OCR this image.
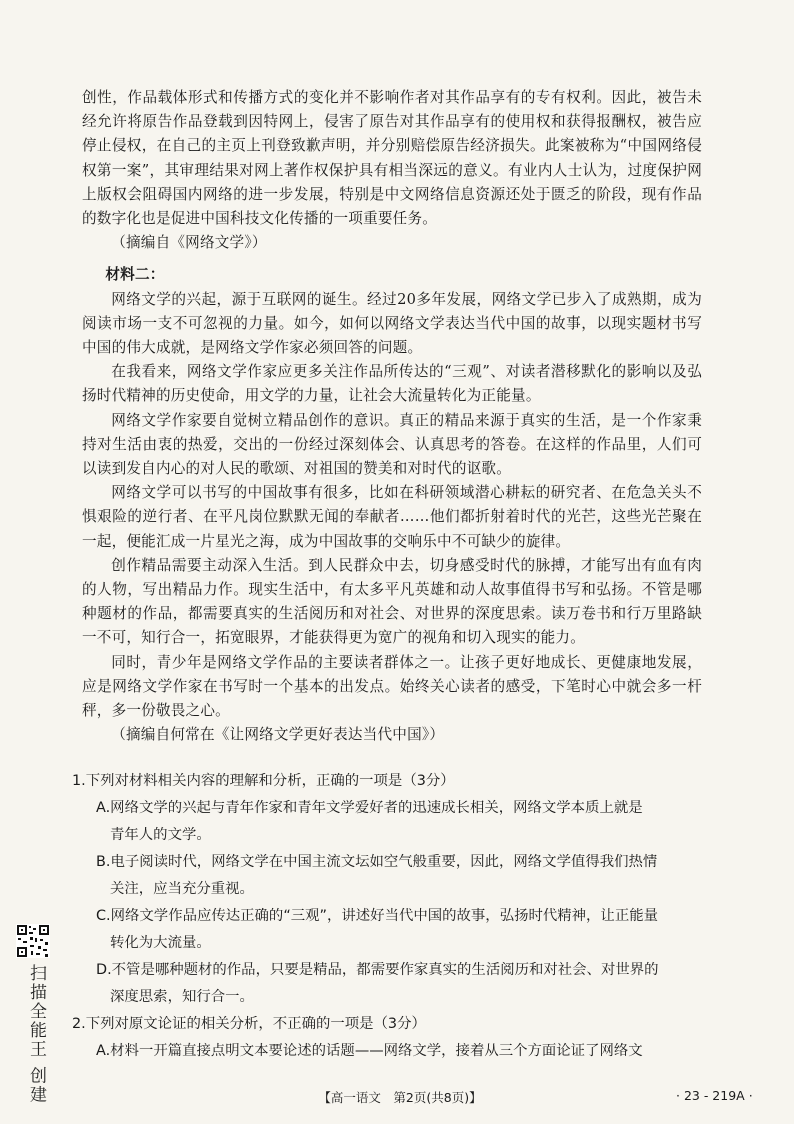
创性，作品载体形式和传播方式的变化并不影响作者对其作品享有的专有权利。因此，被告未经允许将原告作品登载到因特网上，侵害了原告对其作品享有的使用权和获得报酬权，被告应停止侵权，在自己的主页上刊登致歉声明，并分别赔偿原告经济损失。此案被称为“中国网络侵权第一案”，其审理结果对网上著作权保护具有相当深远的意义。有业内人士认为，过度保护网上版权会阻碍国内网络的进一步发展，特别是中文网络信息资源还处于匮乏的阶段，现有作品的数字化也是促进中国科技文化传播的一项重要任务。

（摘编自《网络文学》）

材料二：

网络文学的兴起，源于互联网的诞生。经过20多年发展，网络文学已步入了成熟期，成为阅读市场一支不可忽视的力量。如今，如何以网络文学表达当代中国的故事，以现实题材书写中国的伟大成就，是网络文学作家必须回答的问题。

在我看来，网络文学作家应更多关注作品所传达的“三观”、对读者潜移默化的影响以及弘扬时代精神的历史使命，用文学的力量，让社会大流量转化为正能量。

网络文学作家要自觉树立精品创作的意识。真正的精品来源于真实的生活，是一个作家秉持对生活由衷的热爱，交出的一份经过深刻体会、认真思考的答卷。在这样的作品里，人们可以读到发自内心的对人民的歌颂、对祖国的赞美和对时代的讴歌。

网络文学可以书写的中国故事有很多，比如在科研领域潜心耕耘的研究者、在危急关头不惧艰险的逆行者、在平凡岗位默默无闻的奉献者……他们都折射着时代的光芒，这些光芒聚在一起，便能汇成一片星光之海，成为中国故事的交响乐中不可缺少的旋律。

创作精品需要主动深入生活。到人民群众中去，切身感受时代的脉搏，才能写出有血有肉的人物，写出精品力作。现实生活中，有太多平凡英雄和动人故事值得书写和弘扬。不管是哪种题材的作品，都需要真实的生活阅历和对社会、对世界的深度思索。读万卷书和行万里路缺一不可，知行合一，拓宽眼界，才能获得更为宽广的视角和切入现实的能力。

同时，青少年是网络文学作品的主要读者群体之一。让孩子更好地成长、更健康地发展，应是网络文学作家在书写时一个基本的出发点。始终关心读者的感受，下笔时心中就会多一杆秤，多一份敬畏之心。

（摘编自何常在《让网络文学更好表达当代中国》）

1.下列对材料相关内容的理解和分析，正确的一项是（3分）

A.网络文学的兴起与青年作家和青年文学爱好者的迅速成长相关，网络文学本质上就是
青年人的文学。
B.电子阅读时代，网络文学在中国主流文坛如空气般重要，因此，网络文学值得我们热情
关注，应当充分重视。
C.网络文学作品应传达正确的“三观”，讲述好当代中国的故事，弘扬时代精神，让正能量
转化为大流量。
D.不管是哪种题材的作品，只要是精品，都需要作家真实的生活阅历和对社会、对世界的
深度思索，知行合一。

2.下列对原文论证的相关分析，不正确的一项是（3分）

A.材料一开篇直接点明文本要论述的话题——网络文学，接着从三个方面论证了网络文
【高一语文　第2页(共8页)】	· 23 - 219A ·
扫描全能王 创建
